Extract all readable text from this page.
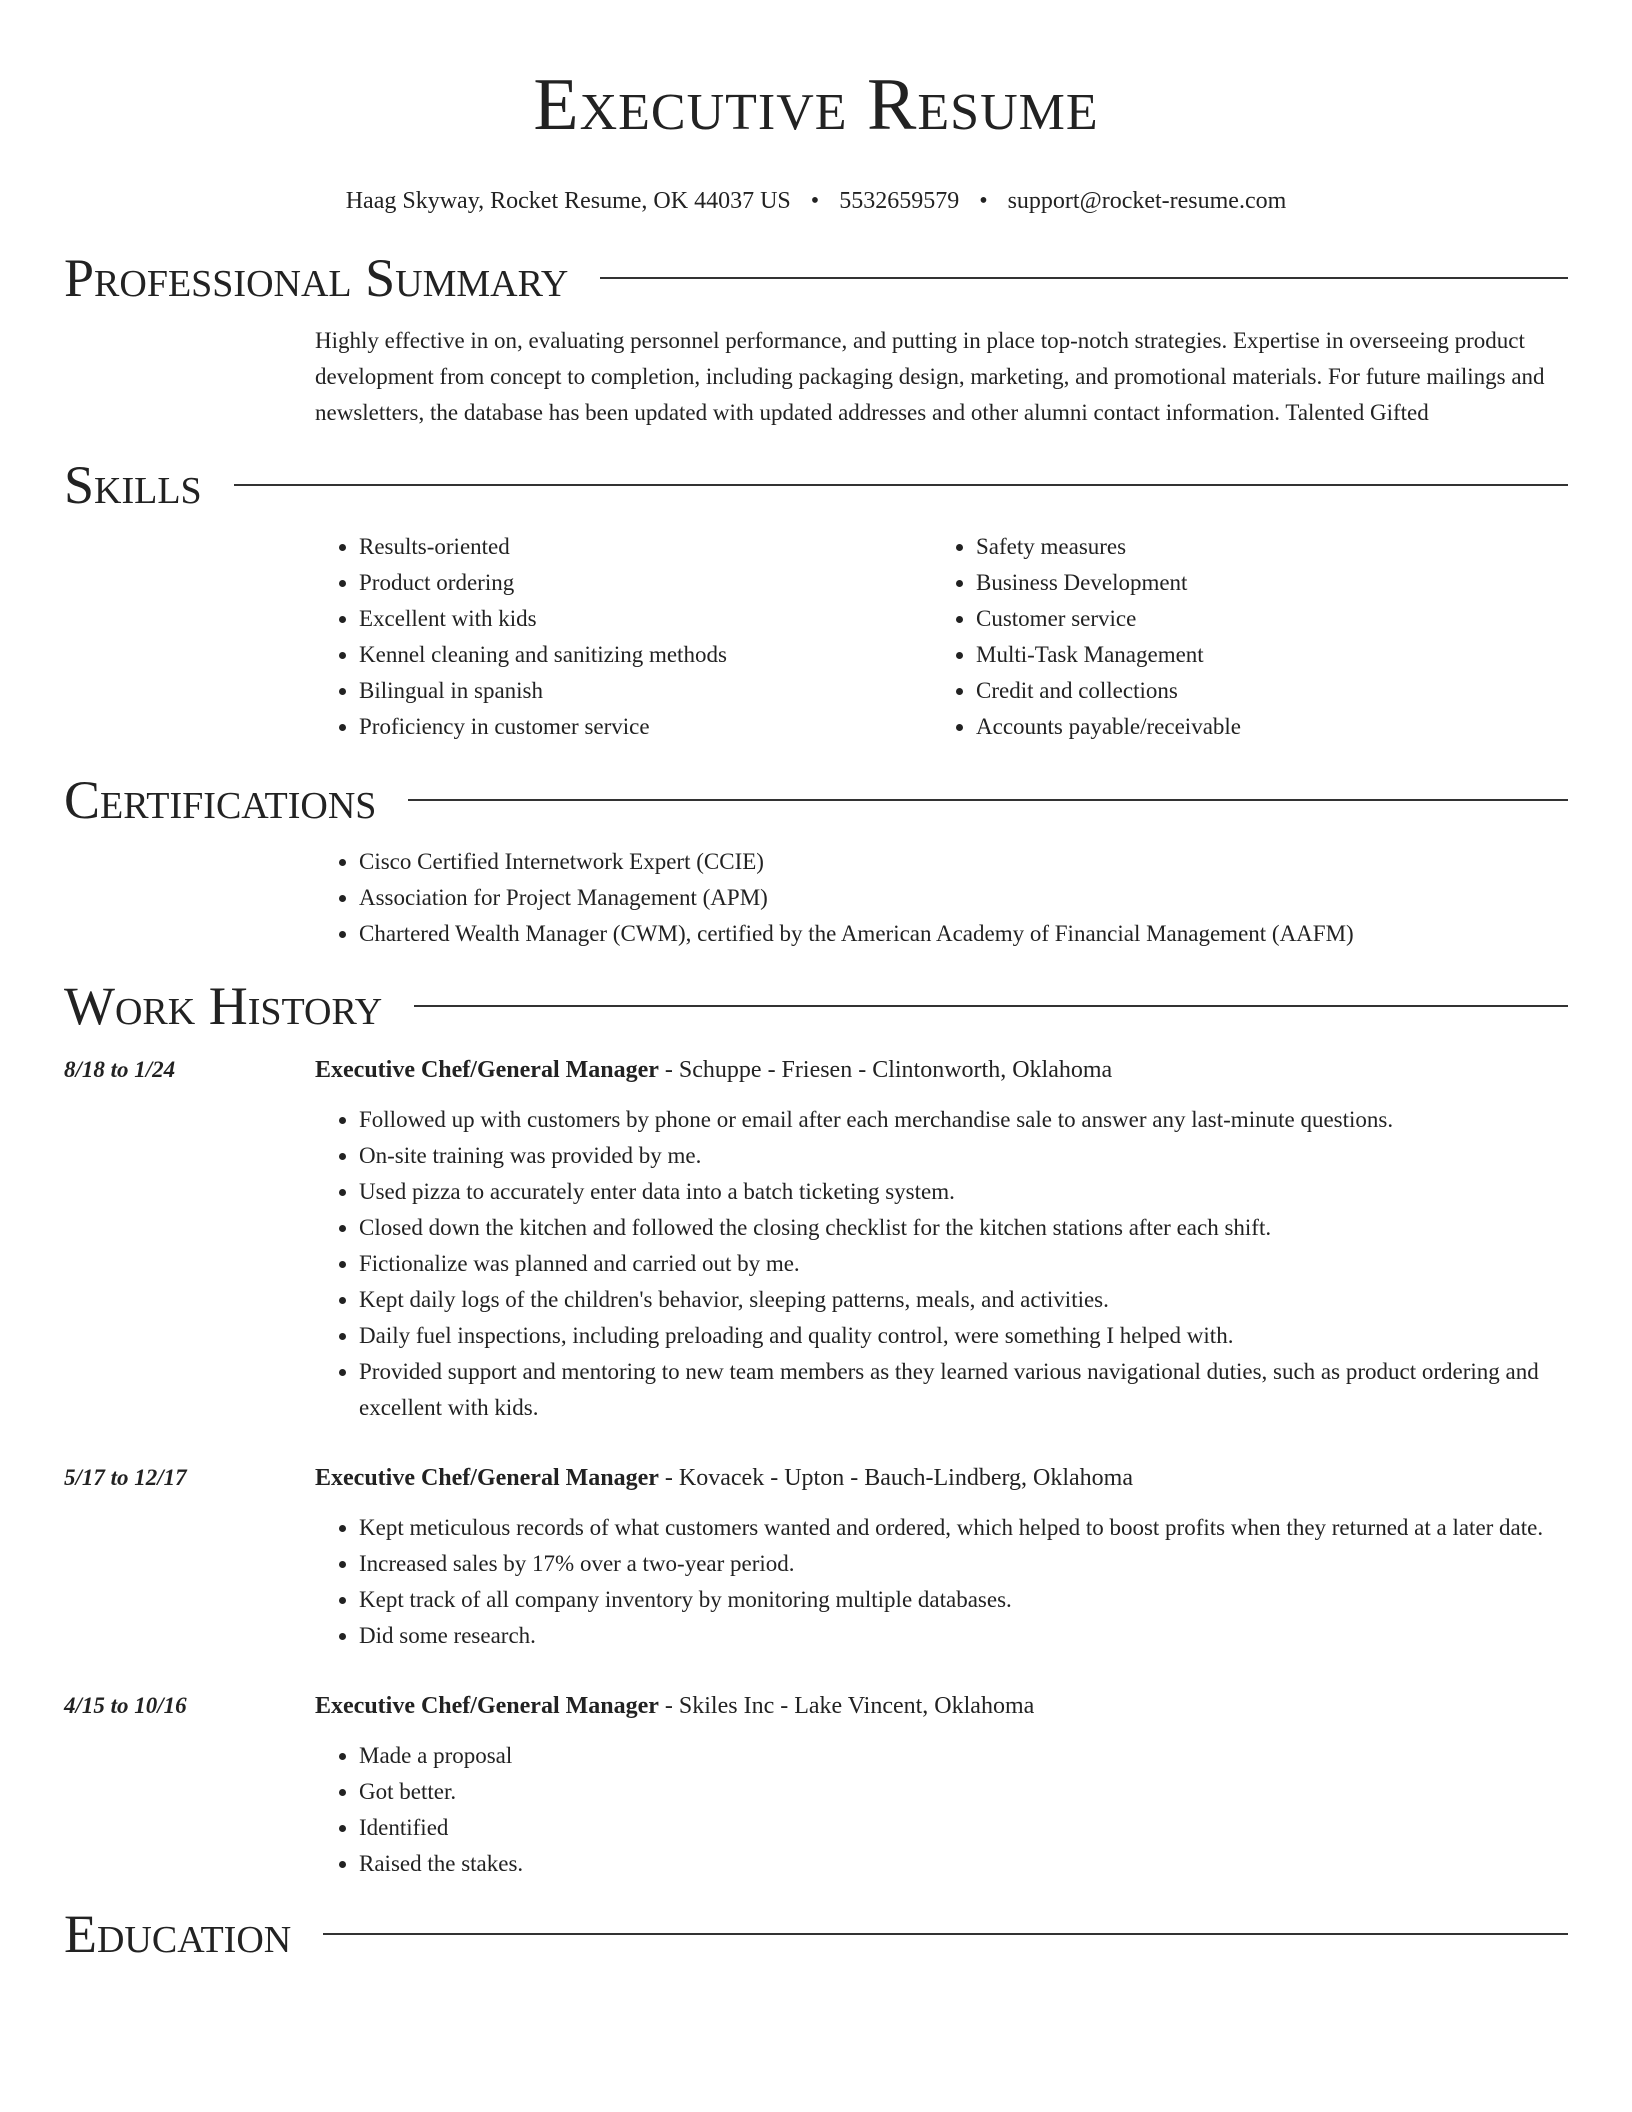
Executive Resume
Haag Skyway, Rocket Resume, OK 44037 US • 5532659579 • support@rocket-resume.com
Professional Summary

Highly effective in on, evaluating personnel performance, and putting in place top-notch strategies. Expertise in overseeing product development from concept to completion, including packaging design, marketing, and promotional materials. For future mailings and newsletters, the database has been updated with updated addresses and other alumni contact information. Talented Gifted

Skills
• Results-oriented
• Product ordering
• Excellent with kids
• Kennel cleaning and sanitizing methods
• Bilingual in spanish
• Proficiency in customer service
• Safety measures
• Business Development
• Customer service
• Multi-Task Management
• Credit and collections
• Accounts payable/receivable
Certifications
• Cisco Certified Internetwork Expert (CCIE)
• Association for Project Management (APM)
• Chartered Wealth Manager (CWM), certified by the American Academy of Financial Management (AAFM)
Work History
8/18 to 1/24	Executive Chef/General Manager - Schuppe - Friesen - Clintonworth, Oklahoma
• Followed up with customers by phone or email after each merchandise sale to answer any last-minute questions.
• On-site training was provided by me.
• Used pizza to accurately enter data into a batch ticketing system.
• Closed down the kitchen and followed the closing checklist for the kitchen stations after each shift.
• Fictionalize was planned and carried out by me.
• Kept daily logs of the children's behavior, sleeping patterns, meals, and activities.
• Daily fuel inspections, including preloading and quality control, were something I helped with.
• Provided support and mentoring to new team members as they learned various navigational duties, such as product ordering and excellent with kids.
5/17 to 12/17	Executive Chef/General Manager - Kovacek - Upton - Bauch-Lindberg, Oklahoma
• Kept meticulous records of what customers wanted and ordered, which helped to boost profits when they returned at a later date.
• Increased sales by 17% over a two-year period.
• Kept track of all company inventory by monitoring multiple databases.
• Did some research.
4/15 to 10/16	Executive Chef/General Manager - Skiles Inc - Lake Vincent, Oklahoma
• Made a proposal
• Got better.
• Identified
• Raised the stakes.
Education
